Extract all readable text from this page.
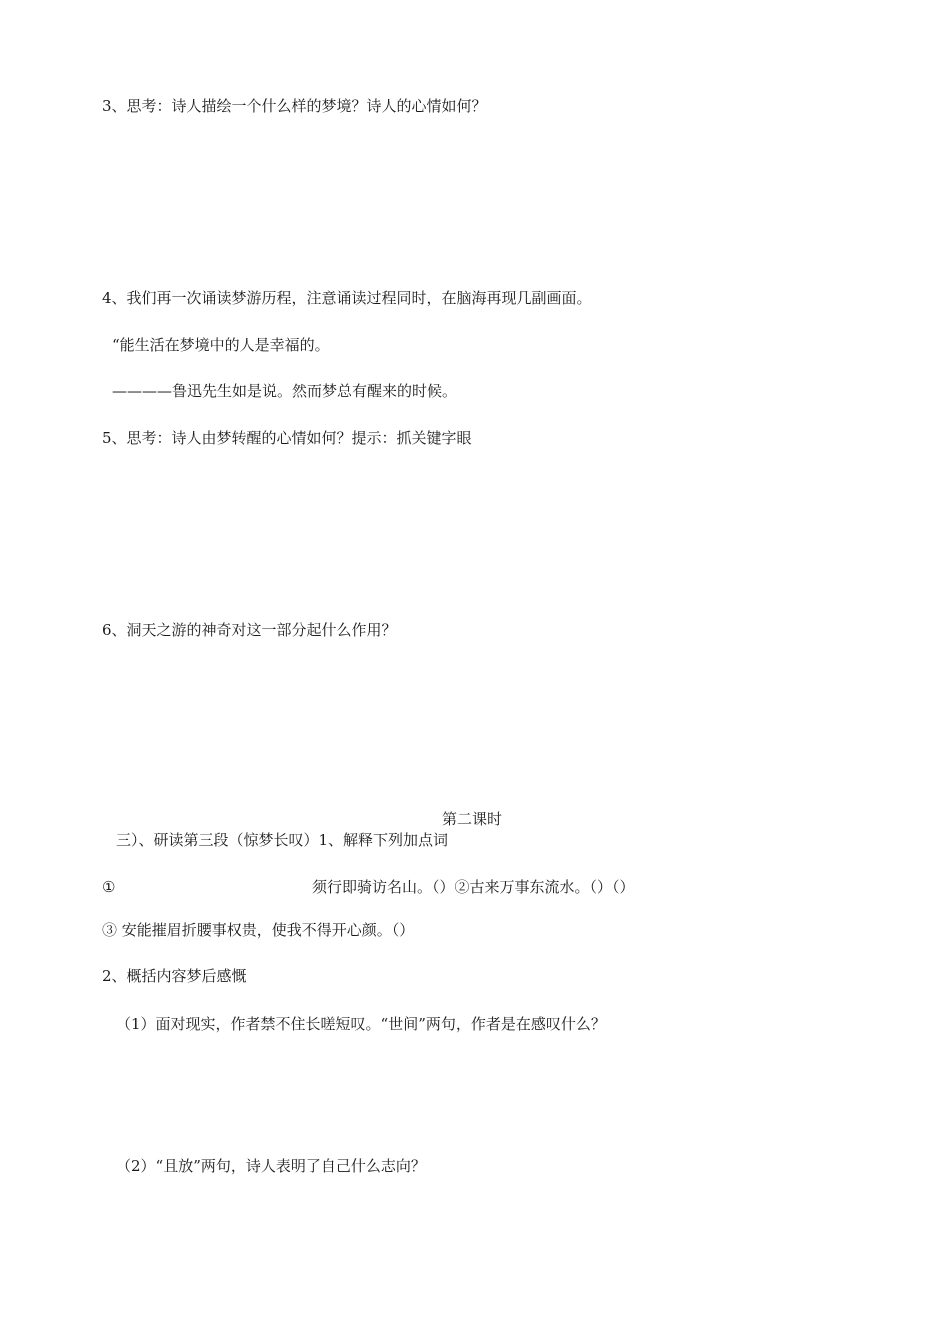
3、思考：诗人描绘一个什么样的梦境？诗人的心情如何？
4、我们再一次诵读梦游历程，注意诵读过程同时，在脑海再现几副画面。
“能生活在梦境中的人是幸福的。
————鲁迅先生如是说。然而梦总有醒来的时候。
5、思考：诗人由梦转醒的心情如何？提示：抓关键字眼
6、洞天之游的神奇对这一部分起什么作用？
第二课时
三）、研读第三段（惊梦长叹）1、解释下列加点词
①	须行即骑访名山。（）②古来万事东流水。（）（）
③ 安能摧眉折腰事权贵，使我不得开心颜。（）
2、概括内容梦后感慨
（1）面对现实，作者禁不住长嗟短叹。“世间”两句，作者是在感叹什么？
（2）“且放”两句，诗人表明了自己什么志向？
